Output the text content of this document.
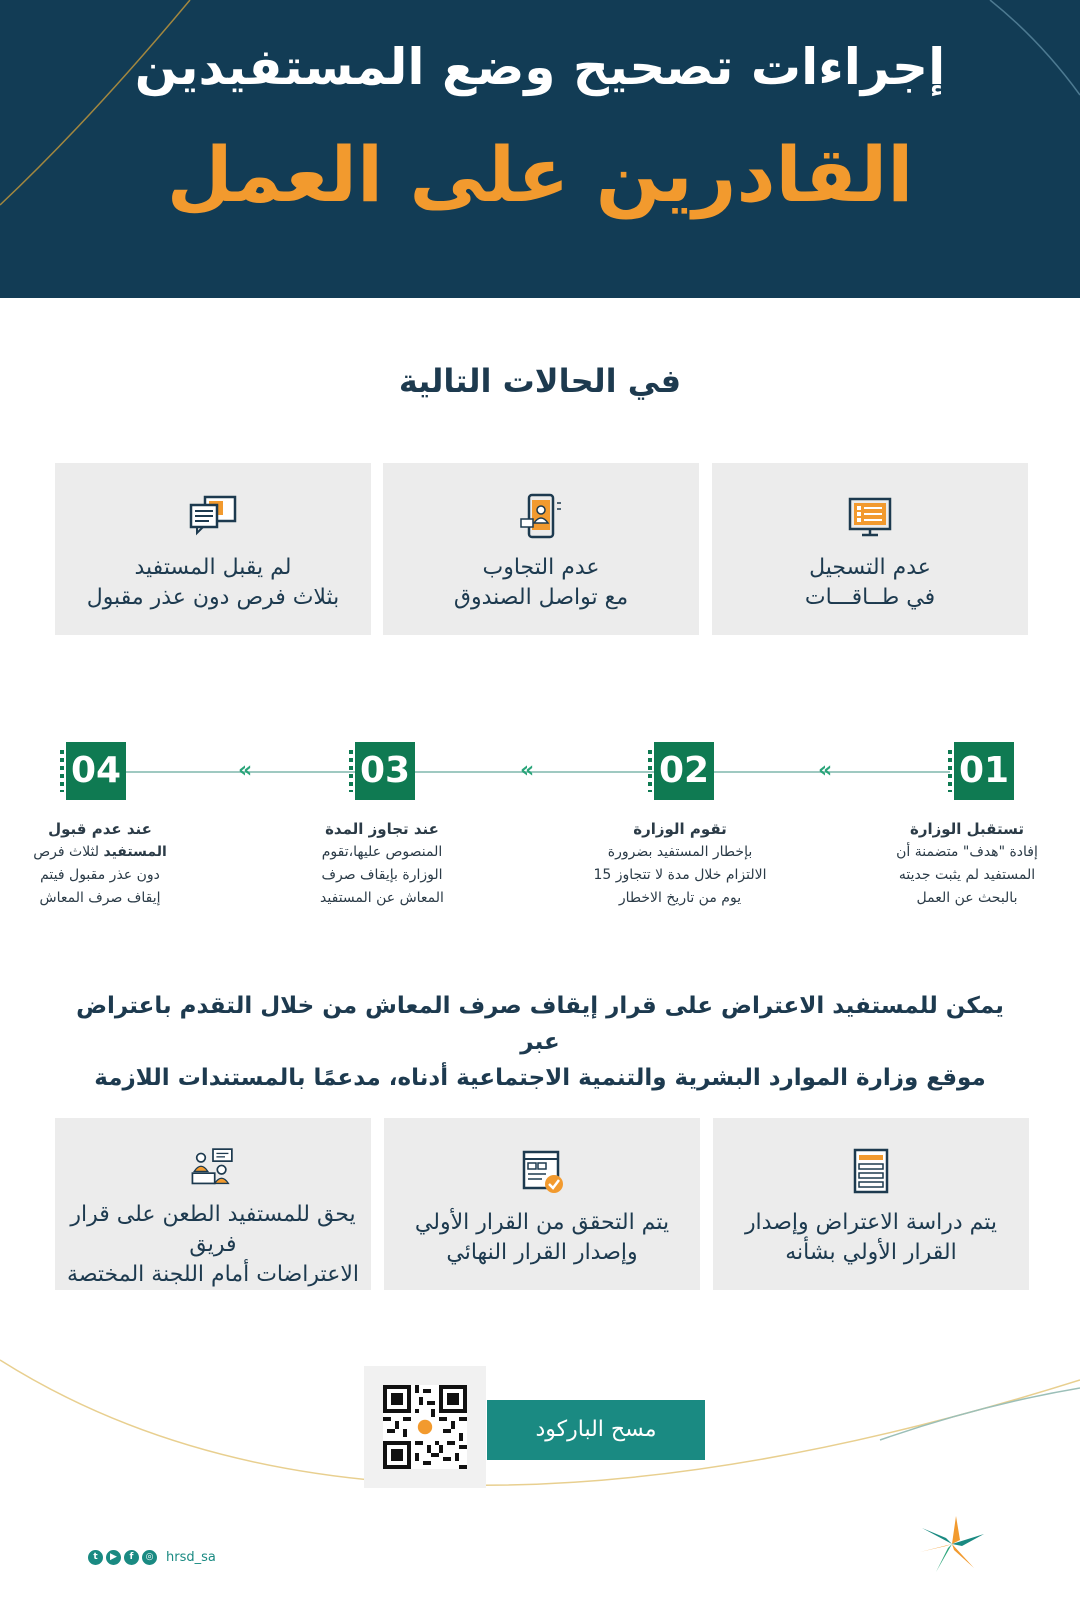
إجراءات تصحيح وضع المستفيدين
القادرين على العمل
في الحالات التالية
عدم التسجيل
في طــاقـــات
عدم التجاوب
مع تواصل الصندوق
لم يقبل المستفيد
بثلاث فرص دون عذر مقبول
«	«	«	01
02
03
04
تستقبل الوزارة
إفادة "هدف" متضمنة أن
المستفيد لم يثبت جديته
بالبحث عن العمل
تقوم الوزارة
بإخطار المستفيد بضرورة
الالتزام خلال مدة لا تتجاوز 15
يوم من تاريخ الاخطار
عند تجاوز المدة
المنصوص عليها،تقوم
الوزارة بإيقاف صرف
المعاش عن المستفيد
عند عدم قبول
المستفيد لثلاث فرص
دون عذر مقبول فيتم
إيقاف صرف المعاش
يمكن للمستفيد الاعتراض على قرار إيقاف صرف المعاش من خلال التقدم باعتراض عبر
موقع وزارة الموارد البشرية والتنمية الاجتماعية أدناه، مدعمًا بالمستندات اللازمة
يتم دراسة الاعتراض وإصدار
القرار الأولي بشأنه
يتم التحقق من القرار الأولي
وإصدار القرار النهائي
يحق للمستفيد الطعن على قرار فريق
الاعتراضات أمام اللجنة المختصة
مسح الباركود
t	▶	f	◎ hrsd_sa
